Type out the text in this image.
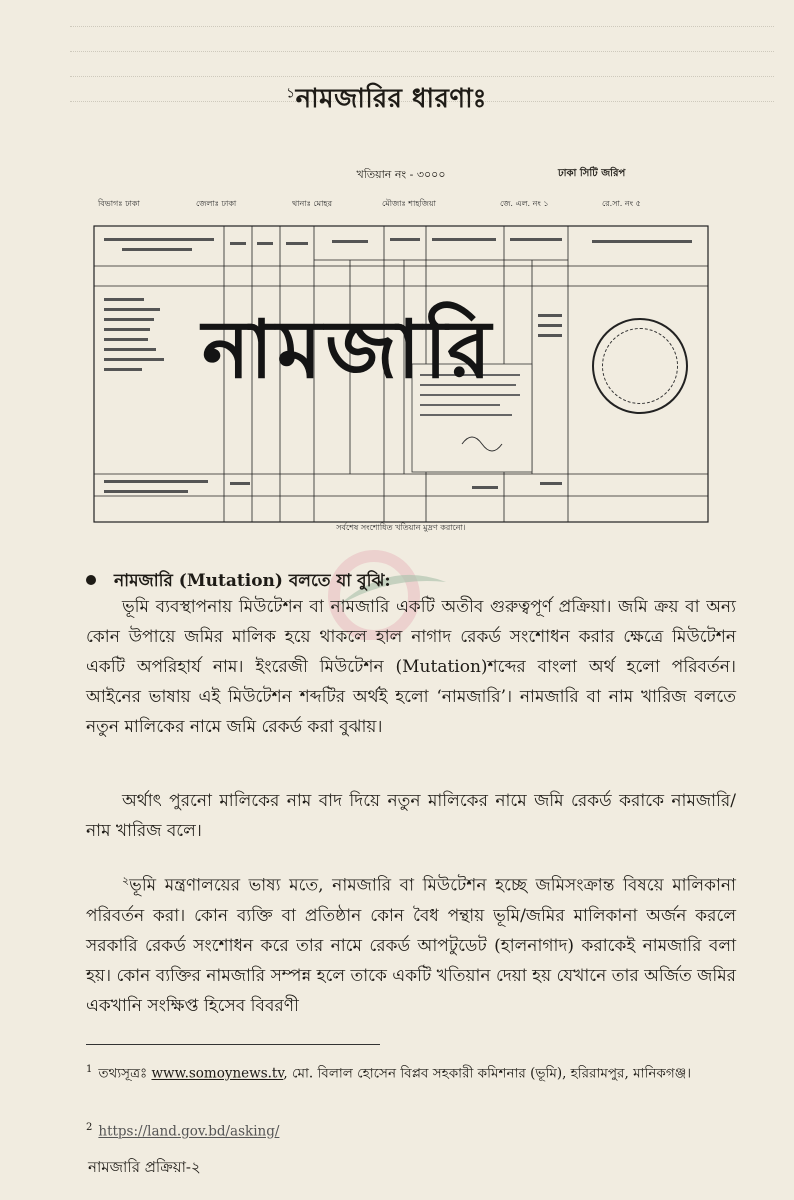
$^১$নামজারির ধারণাঃ
খতিয়ান নং - ৩০০০	ঢাকা সিটি জরিপ
বিভাগঃ ঢাকা	জেলাঃ ঢাকা	থানাঃ মোহর	মৌজাঃ শাহজিয়া	জে. এল. নং ১	রে.সা. নং ৫
নামজারি
সর্বশেষ সংশোধিত খতিয়ান মুদ্রণ করানো।
নামজারি (Mutation) বলতে যা বুঝি:

ভূমি ব্যবস্থাপনায় মিউটেশন বা নামজারি একটি অতীব গুরুত্বপূর্ণ প্রক্রিয়া। জমি ক্রয় বা অন্য কোন উপায়ে জমির মালিক হয়ে থাকলে হাল নাগাদ রেকর্ড সংশোধন করার ক্ষেত্রে মিউটেশন একটি অপরিহার্য নাম। ইংরেজী মিউটেশন (Mutation)শব্দের বাংলা অর্থ হলো পরিবর্তন। আইনের ভাষায় এই মিউটেশন শব্দটির অর্থই হলো ‘নামজারি’। নামজারি বা নাম খারিজ বলতে নতুন মালিকের নামে জমি রেকর্ড করা বুঝায়।

অর্থাৎ পুরনো মালিকের নাম বাদ দিয়ে নতুন মালিকের নামে জমি রেকর্ড করাকে নামজারি/নাম খারিজ বলে।

$^২$ভূমি মন্ত্রণালয়ের ভাষ্য মতে, নামজারি বা মিউটেশন হচ্ছে জমিসংক্রান্ত বিষয়ে মালিকানা পরিবর্তন করা। কোন ব্যক্তি বা প্রতিষ্ঠান কোন বৈধ পন্থায় ভূমি/জমির মালিকানা অর্জন করলে সরকারি রেকর্ড সংশোধন করে তার নামে রেকর্ড আপটুডেট (হালনাগাদ) করাকেই নামজারি বলা হয়। কোন ব্যক্তির নামজারি সম্পন্ন হলে তাকে একটি খতিয়ান দেয়া হয় যেখানে তার অর্জিত জমির একখানি সংক্ষিপ্ত হিসেব বিবরণী

$^1$ তথ্যসূত্রঃ www.somoynews.tv, মো. বিলাল হোসেন বিপ্লব সহকারী কমিশনার (ভূমি), হরিরামপুর, মানিকগঞ্জ।
$^2$ https://land.gov.bd/asking/
নামজারি প্রক্রিয়া-২
